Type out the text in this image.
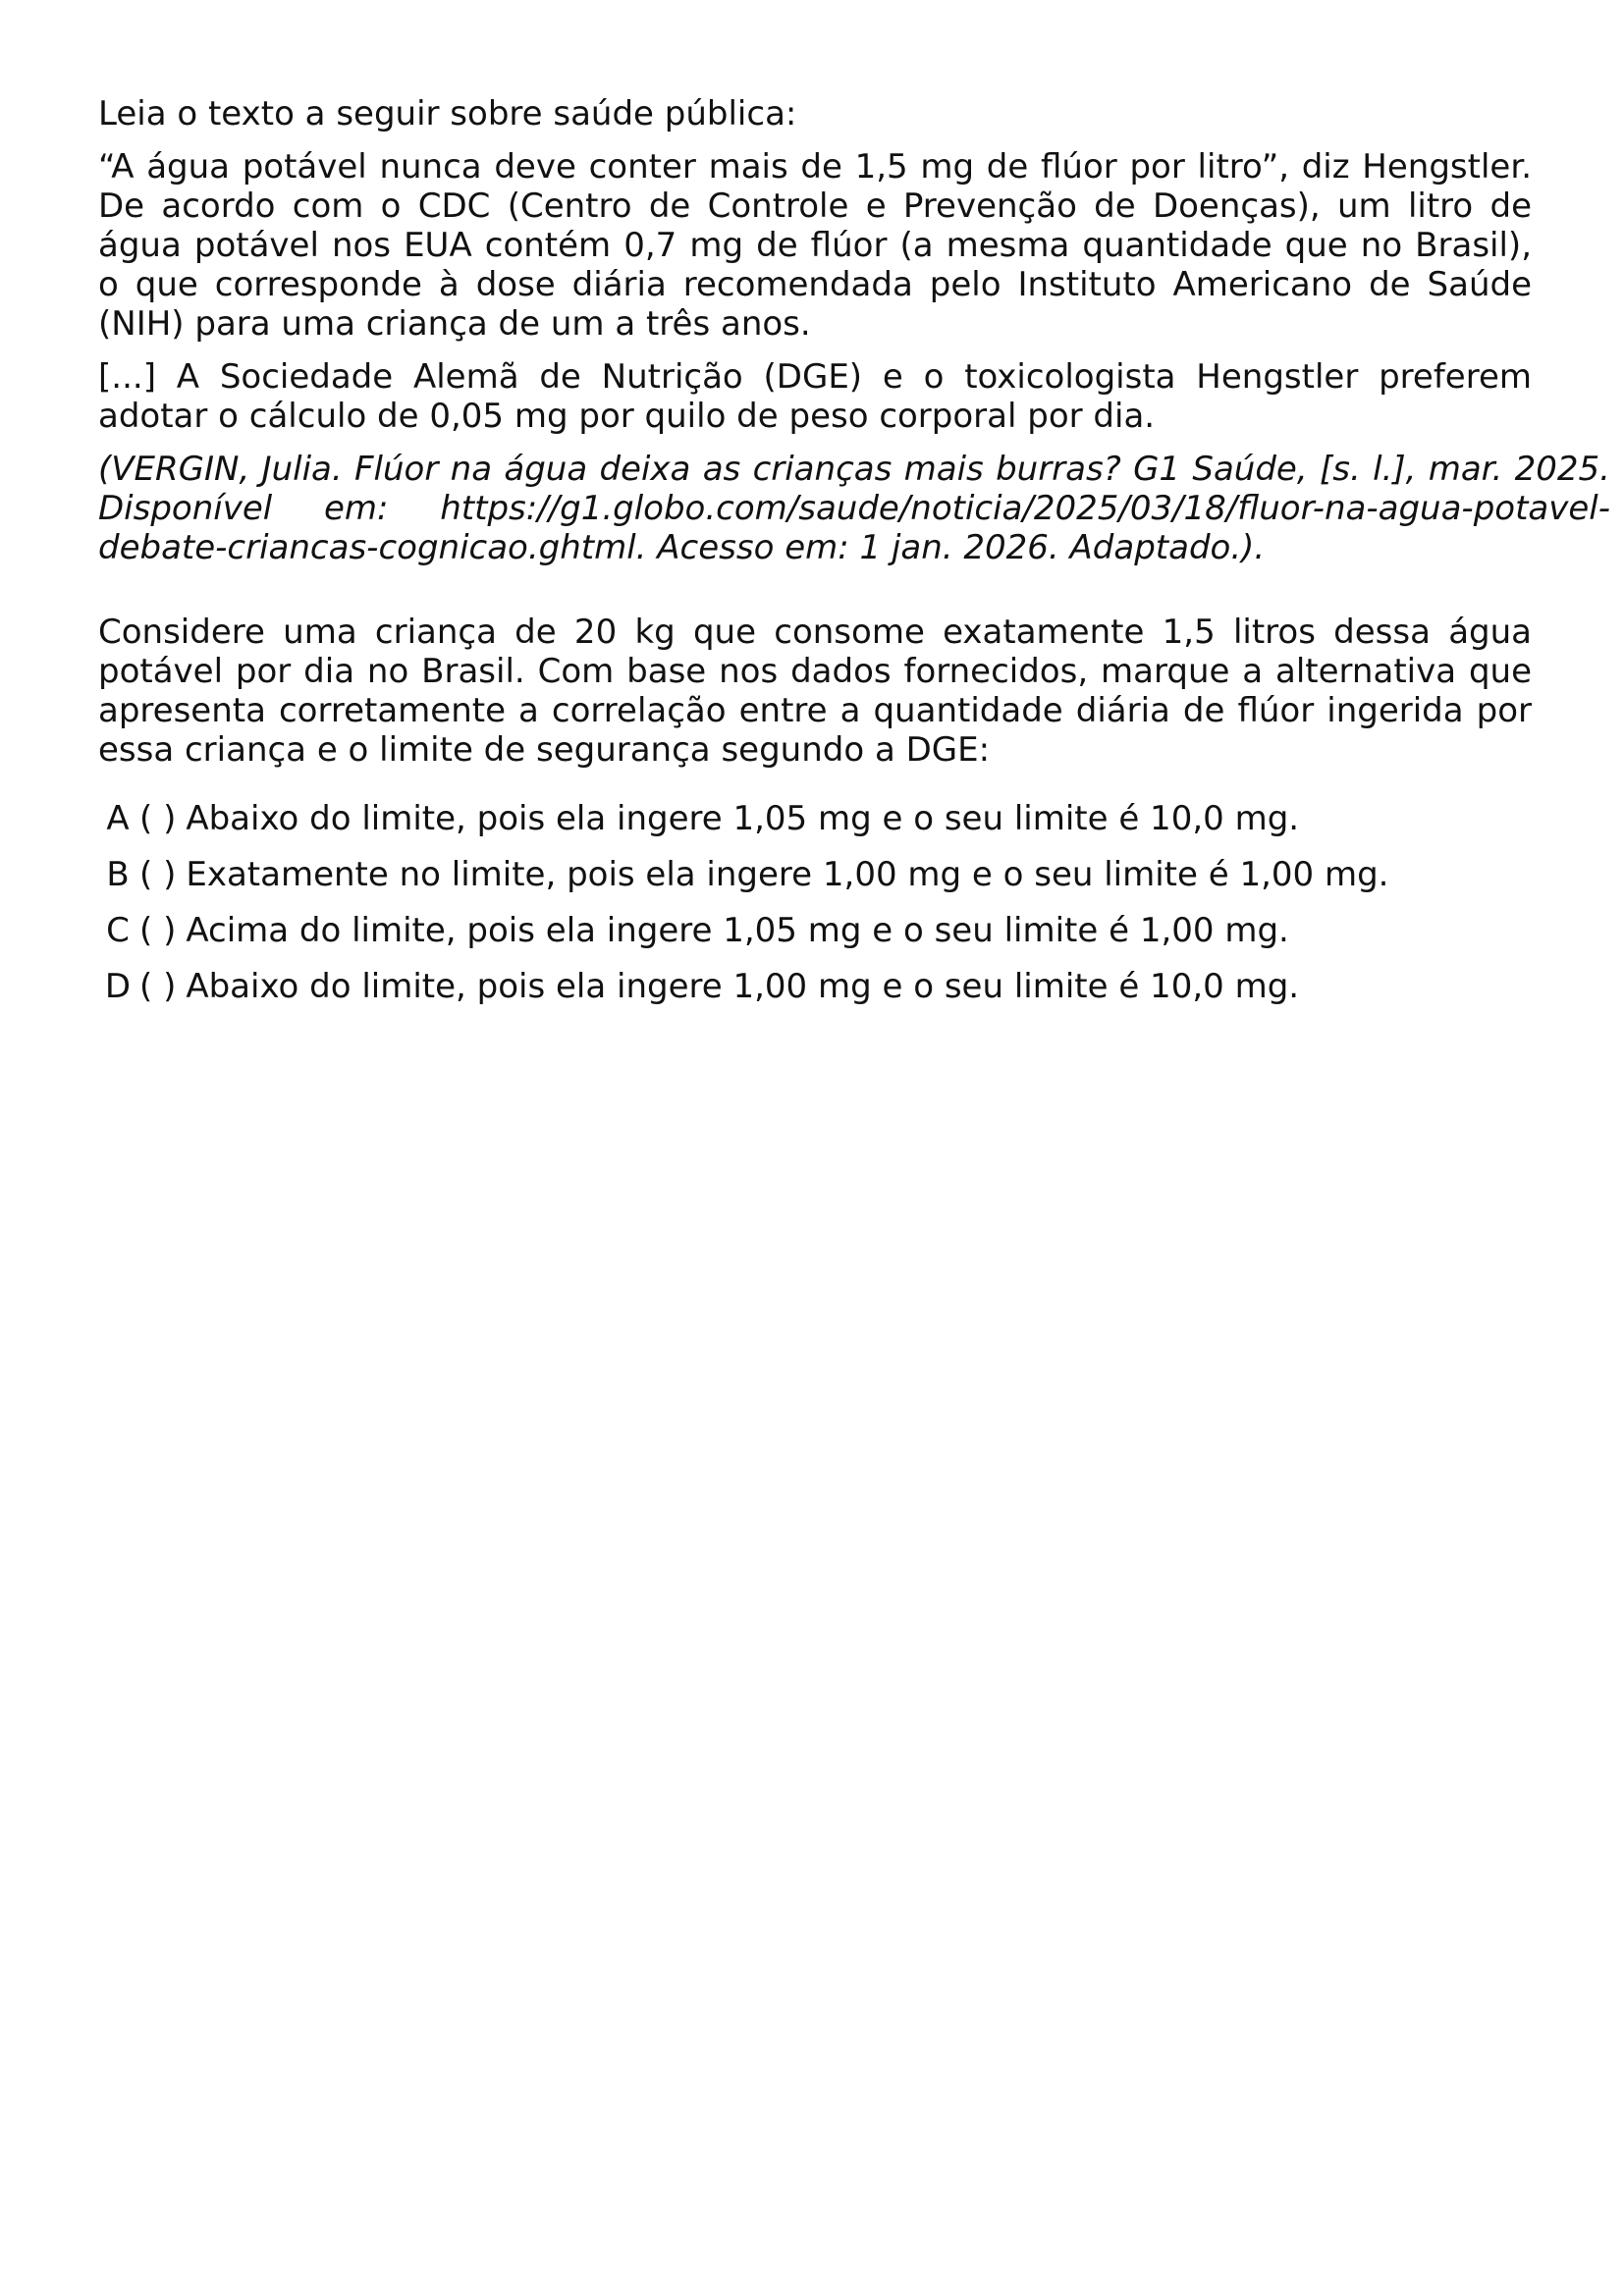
Leia o texto a seguir sobre saúde pública:

“A água potável nunca deve conter mais de 1,5 mg de flúor por litro”, diz Hengstler. De acordo com o CDC (Centro de Controle e Prevenção de Doenças), um litro de água potável nos EUA contém 0,7 mg de flúor (a mesma quantidade que no Brasil), o que corresponde à dose diária recomendada pelo Instituto Americano de Saúde (NIH) para uma criança de um a três anos.

[...] A Sociedade Alemã de Nutrição (DGE) e o toxicologista Hengstler preferem adotar o cálculo de 0,05 mg por quilo de peso corporal por dia.

(VERGIN, Julia. Flúor na água deixa as crianças mais burras? G1 Saúde, [s. l.], mar. 2025. Disponível em: https://g1.globo.com/saude/noticia/2025/03/18/fluor-na-agua-potavel-debate-criancas-cognicao.ghtml. Acesso em: 1 jan. 2026. Adaptado.).

Considere uma criança de 20 kg que consome exatamente 1,5 litros dessa água potável por dia no Brasil. Com base nos dados fornecidos, marque a alternativa que apresenta corretamente a correlação entre a quantidade diária de flúor ingerida por essa criança e o limite de segurança segundo a DGE:

A ( ) Abaixo do limite, pois ela ingere 1,05 mg e o seu limite é 10,0 mg.
B ( ) Exatamente no limite, pois ela ingere 1,00 mg e o seu limite é 1,00 mg.
C ( ) Acima do limite, pois ela ingere 1,05 mg e o seu limite é 1,00 mg.
D ( ) Abaixo do limite, pois ela ingere 1,00 mg e o seu limite é 10,0 mg.
